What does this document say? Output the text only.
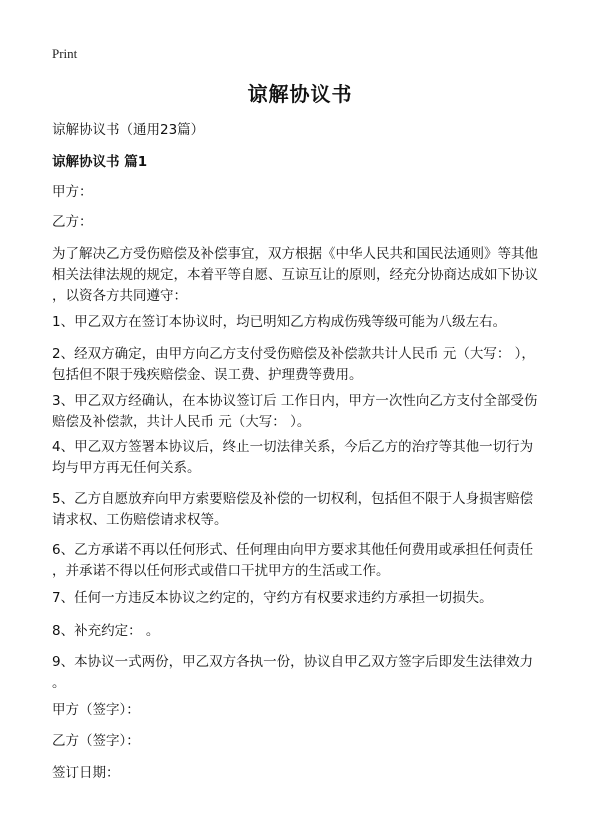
Print
谅解协议书

谅解协议书（通用23篇）

谅解协议书 篇1

甲方：

乙方：

为了解决乙方受伤赔偿及补偿事宜，双方根据《中华人民共和国民法通则》等其他
相关法律法规的规定，本着平等自愿、互谅互让的原则，经充分协商达成如下协议
，以资各方共同遵守：

1、甲乙双方在签订本协议时，均已明知乙方构成伤残等级可能为八级左右。

2、经双方确定，由甲方向乙方支付受伤赔偿及补偿款共计人民币 元（大写： ），
包括但不限于残疾赔偿金、误工费、护理费等费用。

3、甲乙双方经确认，在本协议签订后 工作日内，甲方一次性向乙方支付全部受伤
赔偿及补偿款，共计人民币 元（大写： ）。

4、甲乙双方签署本协议后，终止一切法律关系，今后乙方的治疗等其他一切行为
均与甲方再无任何关系。

5、乙方自愿放弃向甲方索要赔偿及补偿的一切权利，包括但不限于人身损害赔偿
请求权、工伤赔偿请求权等。

6、乙方承诺不再以任何形式、任何理由向甲方要求其他任何费用或承担任何责任
，并承诺不得以任何形式或借口干扰甲方的生活或工作。

7、任何一方违反本协议之约定的，守约方有权要求违约方承担一切损失。

8、补充约定： 。

9、本协议一式两份，甲乙双方各执一份，协议自甲乙双方签字后即发生法律效力
。

甲方（签字）：

乙方（签字）：

签订日期：
